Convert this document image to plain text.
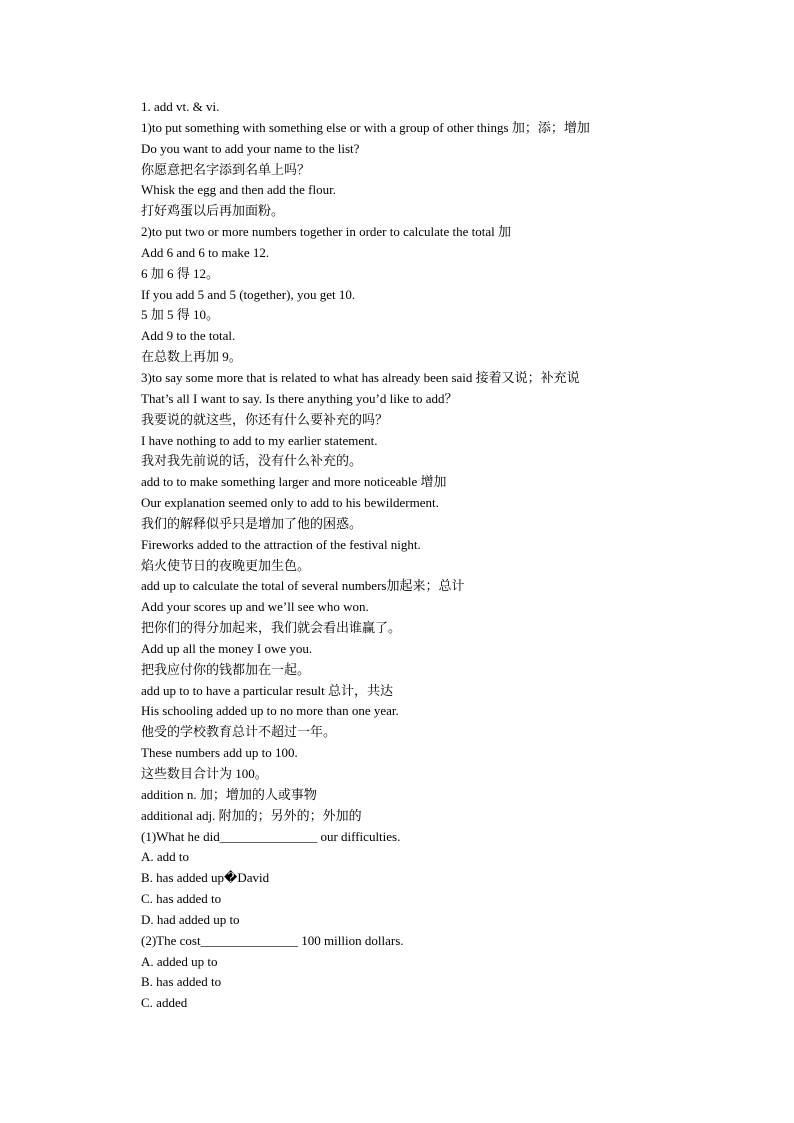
1. add vt. & vi.
1)to put something with something else or with a group of other things 加；添；增加
Do you want to add your name to the list?
你愿意把名字添到名单上吗？
Whisk the egg and then add the flour.
打好鸡蛋以后再加面粉。
2)to put two or more numbers together in order to calculate the total 加
Add 6 and 6 to make 12.
6 加 6 得 12。
If you add 5 and 5 (together), you get 10.
5 加 5 得 10。
Add 9 to the total.
在总数上再加 9。
3)to say some more that is related to what has already been said 接着又说；补充说
That’s all I want to say. Is there anything you’d like to add？
我要说的就这些，你还有什么要补充的吗？
I have nothing to add to my earlier statement.
我对我先前说的话，没有什么补充的。
add to to make something larger and more noticeable 增加
Our explanation seemed only to add to his bewilderment.
我们的解释似乎只是增加了他的困惑。
Fireworks added to the attraction of the festival night.
焰火使节日的夜晚更加生色。
add up to calculate the total of several numbers加起来；总计
Add your scores up and we’ll see who won.
把你们的得分加起来，我们就会看出谁赢了。
Add up all the money I owe you.
把我应付你的钱都加在一起。
add up to to have a particular result 总计，共达
His schooling added up to no more than one year.
他受的学校教育总计不超过一年。
These numbers add up to 100.
这些数目合计为 100。
addition n. 加；增加的人或事物
additional adj. 附加的；另外的；外加的
(1)What he did_______________ our difficulties.
A. add to
B. has added up�David
C. has added to
D. had added up to
(2)The cost_______________ 100 million dollars.
A. added up to
B. has added to
C. added
